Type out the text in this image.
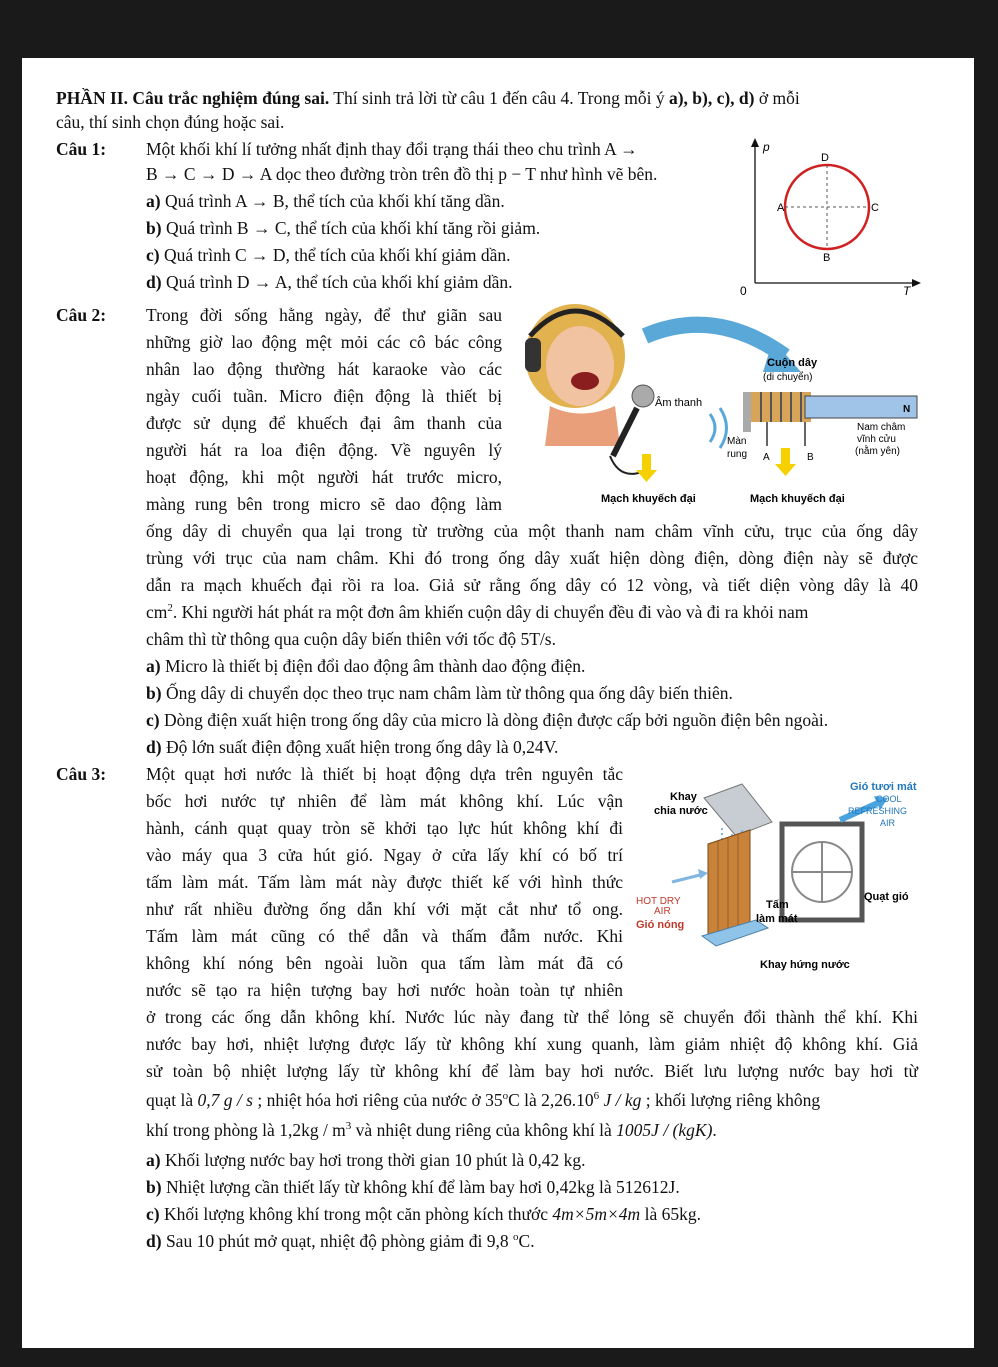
PHẦN II. Câu trắc nghiệm đúng sai. Thí sinh trả lời từ câu 1 đến câu 4. Trong mỗi ý a), b), c), d) ở mỗi
câu, thí sinh chọn đúng hoặc sai.
Câu 1: Một khối khí lí tưởng nhất định thay đổi trạng thái theo chu trình A →
B → C → D → A dọc theo đường tròn trên đồ thị p − T như hình vẽ bên.
a) Quá trình A → B, thể tích của khối khí tăng dần.
b) Quá trình B → C, thể tích của khối khí tăng rồi giảm.
c) Quá trình C → D, thể tích của khối khí giảm dần.
d) Quá trình D → A, thể tích của khối khí giảm dần.
p
T
0
D
A	C
B
Câu 2: Trong đời sống hằng ngày, để thư giãn sau
những giờ lao động mệt mỏi các cô bác công
nhân lao động thường hát karaoke vào các
ngày cuối tuần. Micro điện động là thiết bị
được sử dụng để khuếch đại âm thanh của
người hát ra loa điện động. Về nguyên lý
hoạt động, khi một người hát trước micro,
màng rung bên trong micro sẽ dao động làm
ống dây di chuyển qua lại trong từ trường của một thanh nam châm vĩnh cửu, trục của ống dây
trùng với trục của nam châm. Khi đó trong ống dây xuất hiện dòng điện, dòng điện này sẽ được
dẫn ra mạch khuếch đại rồi ra loa. Giả sử rằng ống dây có 12 vòng, và tiết diện vòng dây là 40
$cm^2$. Khi người hát phát ra một đơn âm khiến cuộn dây di chuyển đều đi vào và đi ra khỏi nam
châm thì từ thông qua cuộn dây biến thiên với tốc độ 5T/s.
a) Micro là thiết bị điện đổi dao động âm thành dao động điện.
b) Ống dây di chuyển dọc theo trục nam châm làm từ thông qua ống dây biến thiên.
c) Dòng điện xuất hiện trong ống dây của micro là dòng điện được cấp bởi nguồn điện bên ngoài.
d) Độ lớn suất điện động xuất hiện trong ống dây là 0,24V.
Âm thanh
Màn
rung
N
Cuộn dây
(di chuyển)
Nam châm
vĩnh cửu
(nằm yên)
A	B
Mạch khuyếch đại	Mạch khuyếch đại
Câu 3: Một quạt hơi nước là thiết bị hoạt động dựa trên nguyên tắc
bốc hơi nước tự nhiên để làm mát không khí. Lúc vận
hành, cánh quạt quay tròn sẽ khởi tạo lực hút không khí đi
vào máy qua 3 cửa hút gió. Ngay ở cửa lấy khí có bố trí
tấm làm mát. Tấm làm mát này được thiết kế với hình thức
như rất nhiều đường ống dẫn khí với mặt cắt như tổ ong.
Tấm làm mát cũng có thể dẫn và thấm đẫm nước. Khi
không khí nóng bên ngoài luồn qua tấm làm mát đã có
nước sẽ tạo ra hiện tượng bay hơi nước hoàn toàn tự nhiên
ở trong các ống dẫn không khí. Nước lúc này đang từ thể lỏng sẽ chuyển đổi thành thể khí. Khi
nước bay hơi, nhiệt lượng được lấy từ không khí xung quanh, làm giảm nhiệt độ không khí. Giả
sử toàn bộ nhiệt lượng lấy từ không khí để làm bay hơi nước. Biết lưu lượng nước bay hơi từ
quạt là 0,7 g / s ; nhiệt hóa hơi riêng của nước ở 35$^o$C là 2,26.10$^6$ J / kg ; khối lượng riêng không
khí trong phòng là $1,2kg / m^3$ và nhiệt dung riêng của không khí là 1005J / (kgK).
a) Khối lượng nước bay hơi trong thời gian 10 phút là 0,42 kg.
b) Nhiệt lượng cần thiết lấy từ không khí để làm bay hơi 0,42kg là 512612J.
c) Khối lượng không khí trong một căn phòng kích thước 4m×5m×4m là 65kg.
d) Sau 10 phút mở quạt, nhiệt độ phòng giảm đi 9,8 $^o$C.
Khay
chia nước
Gió tươi mát
COOL
REFRESHING
AIR
HOT DRY
AIR
Gió nóng
Tấm
làm mát
Quạt gió
Khay hứng nước
